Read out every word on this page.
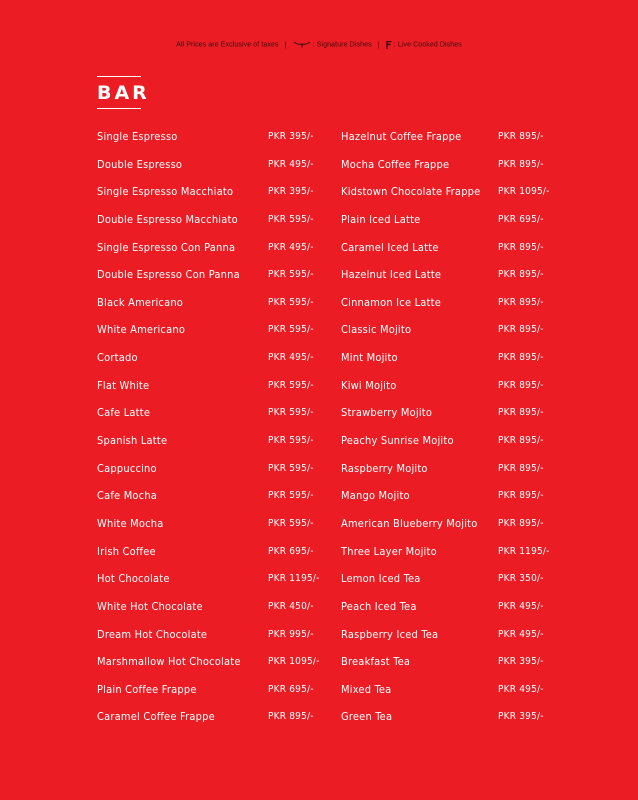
All Prices are Exclusive of taxes |	: Signature Dishes | : Live Cooked Dishes
BAR
Single Espresso	PKR 395/-
Double Espresso	PKR 495/-
Single Espresso Macchiato	PKR 395/-
Double Espresso Macchiato	PKR 595/-
Single Espresso Con Panna	PKR 495/-
Double Espresso Con Panna	PKR 595/-
Black Americano	PKR 595/-
White Americano	PKR 595/-
Cortado	PKR 495/-
Flat White	PKR 595/-
Cafe Latte	PKR 595/-
Spanish Latte	PKR 595/-
Cappuccino	PKR 595/-
Cafe Mocha	PKR 595/-
White Mocha	PKR 595/-
Irish Coffee	PKR 695/-
Hot Chocolate	PKR 1195/-
White Hot Chocolate	PKR 450/-
Dream Hot Chocolate	PKR 995/-
Marshmallow Hot Chocolate	PKR 1095/-
Plain Coffee Frappe	PKR 695/-
Caramel Coffee Frappe	PKR 895/-
Hazelnut Coffee Frappe	PKR 895/-
Mocha Coffee Frappe	PKR 895/-
Kidstown Chocolate Frappe PKR 1095/-
Plain Iced Latte	PKR 695/-
Caramel Iced Latte	PKR 895/-
Hazelnut Iced Latte	PKR 895/-
Cinnamon Ice Latte	PKR 895/-
Classic Mojito	PKR 895/-
Mint Mojito	PKR 895/-
Kiwi Mojito	PKR 895/-
Strawberry Mojito	PKR 895/-
Peachy Sunrise Mojito	PKR 895/-
Raspberry Mojito	PKR 895/-
Mango Mojito	PKR 895/-
American Blueberry Mojito PKR 895/-
Three Layer Mojito	PKR 1195/-
Lemon Iced Tea	PKR 350/-
Peach Iced Tea	PKR 495/-
Raspberry Iced Tea	PKR 495/-
Breakfast Tea	PKR 395/-
Mixed Tea	PKR 495/-
Green Tea	PKR 395/-
